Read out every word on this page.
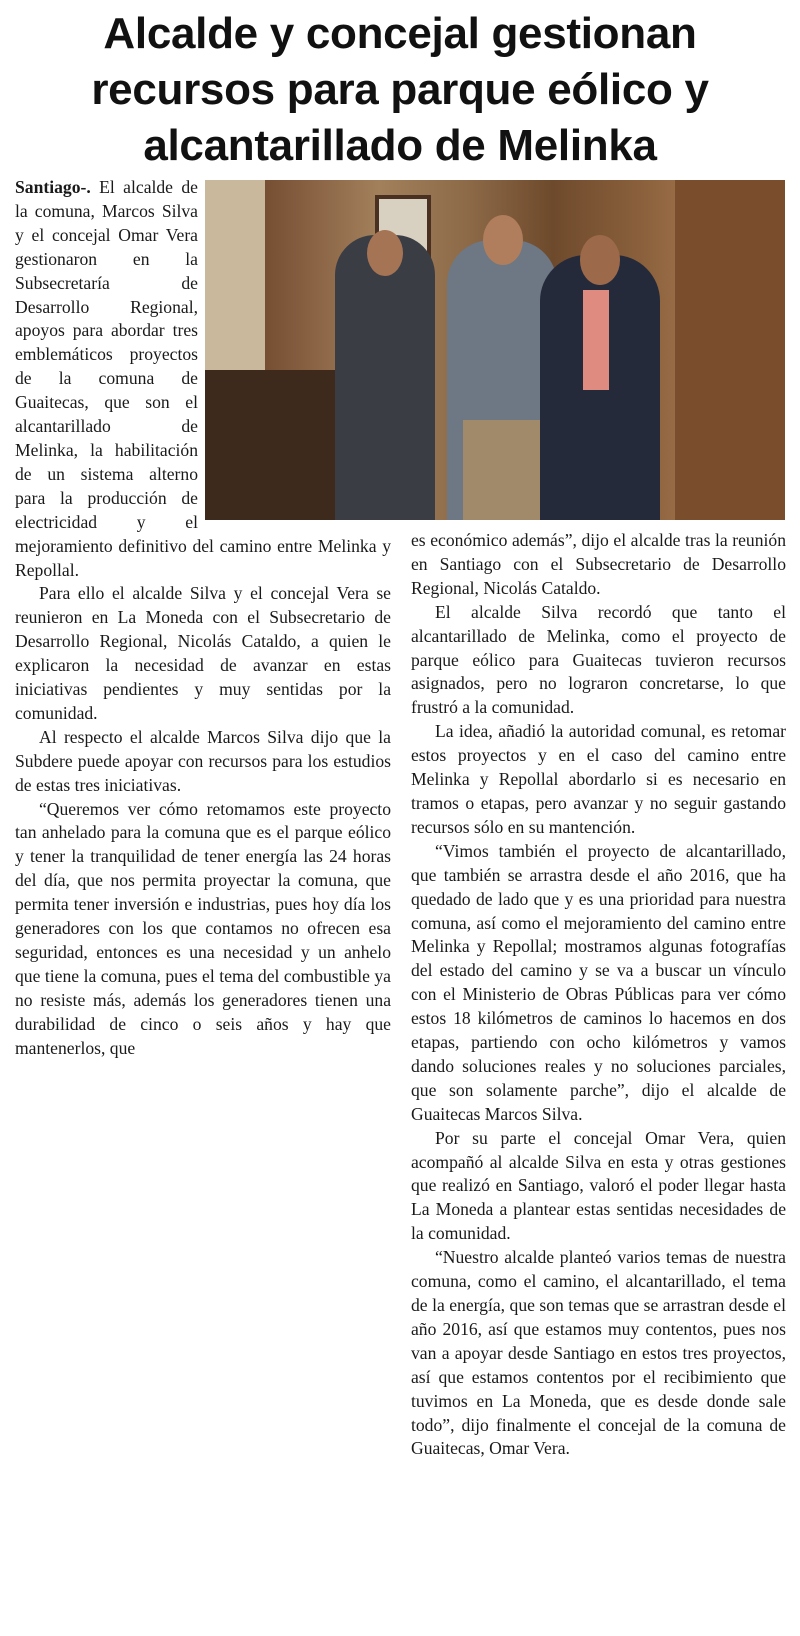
Alcalde y concejal gestionan
recursos para parque eólico y
alcantarillado de Melinka

Santiago-. El alcalde de la comuna, Marcos Silva y el concejal Omar Vera gestionaron en la Subsecretaría de Desarrollo Regional, apoyos para abordar tres emblemáticos proyectos de la comuna de Guaitecas, que son el alcantarillado de Melinka, la habilitación de un sistema alterno para la producción de electricidad y el mejoramiento definitivo del camino entre Melinka y Repollal.

Para ello el alcalde Silva y el concejal Vera se reunieron en La Moneda con el Subsecretario de Desarrollo Regional, Nicolás Cataldo, a quien le explicaron la necesidad de avanzar en estas iniciativas pendientes y muy sentidas por la comunidad.

Al respecto el alcalde Marcos Silva dijo que la Subdere puede apoyar con recursos para los estudios de estas tres iniciativas.

“Queremos ver cómo retomamos este proyecto tan anhelado para la comuna que es el parque eólico y tener la tranquilidad de tener energía las 24 horas del día, que nos permita proyectar la comuna, que permita tener inversión e industrias, pues hoy día los generadores con los que contamos no ofrecen esa seguridad, entonces es una necesidad y un anhelo que tiene la comuna, pues el tema del combustible ya no resiste más, además los generadores tienen una durabilidad de cinco o seis años y hay que mantenerlos, que

es económico además”, dijo el alcalde tras la reunión en Santiago con el Subsecretario de Desarrollo Regional, Nicolás Cataldo.

El alcalde Silva recordó que tanto el alcantarillado de Melinka, como el proyecto de parque eólico para Guaitecas tuvieron recursos asignados, pero no lograron concretarse, lo que frustró a la comunidad.

La idea, añadió la autoridad comunal, es retomar estos proyectos y en el caso del camino entre Melinka y Repollal abordarlo si es necesario en tramos o etapas, pero avanzar y no seguir gastando recursos sólo en su mantención.

“Vimos también el proyecto de alcantarillado, que también se arrastra desde el año 2016, que ha quedado de lado que y es una prioridad para nuestra comuna, así como el mejoramiento del camino entre Melinka y Repollal; mostramos algunas fotografías del estado del camino y se va a buscar un vínculo con el Ministerio de Obras Públicas para ver cómo estos 18 kilómetros de caminos lo hacemos en dos etapas, partiendo con ocho kilómetros y vamos dando soluciones reales y no soluciones parciales, que son solamente parche”, dijo el alcalde de Guaitecas Marcos Silva.

Por su parte el concejal Omar Vera, quien acompañó al alcalde Silva en esta y otras gestiones que realizó en Santiago, valoró el poder llegar hasta La Moneda a plantear estas sentidas necesidades de la comunidad.

“Nuestro alcalde planteó varios temas de nuestra comuna, como el camino, el alcantarillado, el tema de la energía, que son temas que se arrastran desde el año 2016, así que estamos muy contentos, pues nos van a apoyar desde Santiago en estos tres proyectos, así que estamos contentos por el recibimiento que tuvimos en La Moneda, que es desde donde sale todo”, dijo finalmente el concejal de la comuna de Guaitecas, Omar Vera.
